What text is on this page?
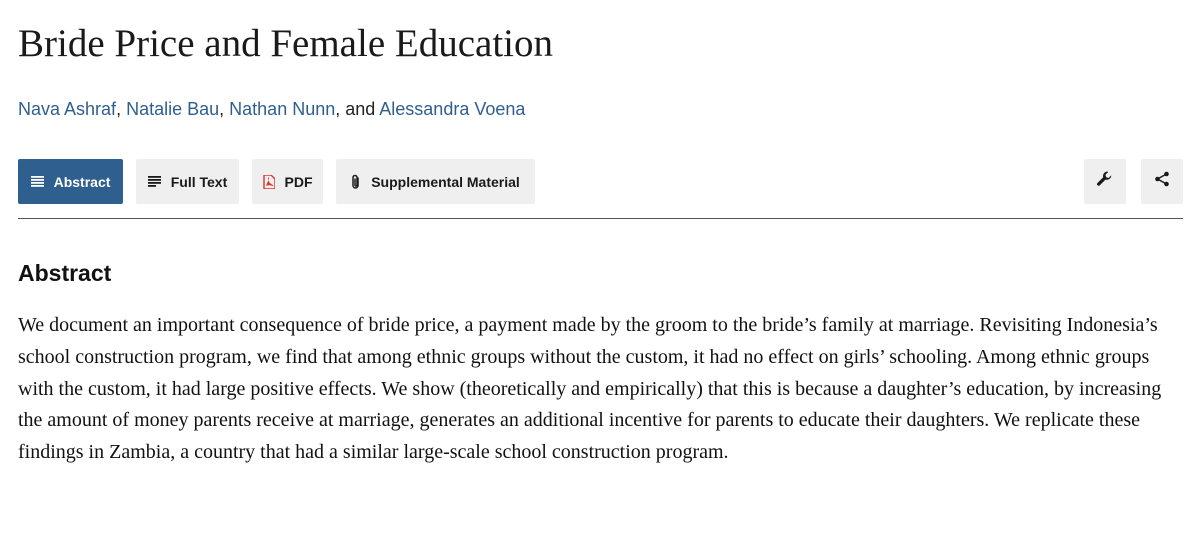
Bride Price and Female Education
Nava Ashraf, Natalie Bau, Nathan Nunn, and Alessandra Voena
Abstract	Full Text	PDF	Supplemental Material
Abstract

We document an important consequence of bride price, a payment made by the groom to the bride’s family at marriage. Revisiting Indonesia’s school construction program, we find that among ethnic groups without the custom, it had no effect on girls’ schooling. Among ethnic groups with the custom, it had large positive effects. We show (theoretically and empirically) that this is because a daughter’s education, by increasing the amount of money parents receive at marriage, generates an additional incentive for parents to educate their daughters. We replicate these findings in Zambia, a country that had a similar large-scale school construction program.
